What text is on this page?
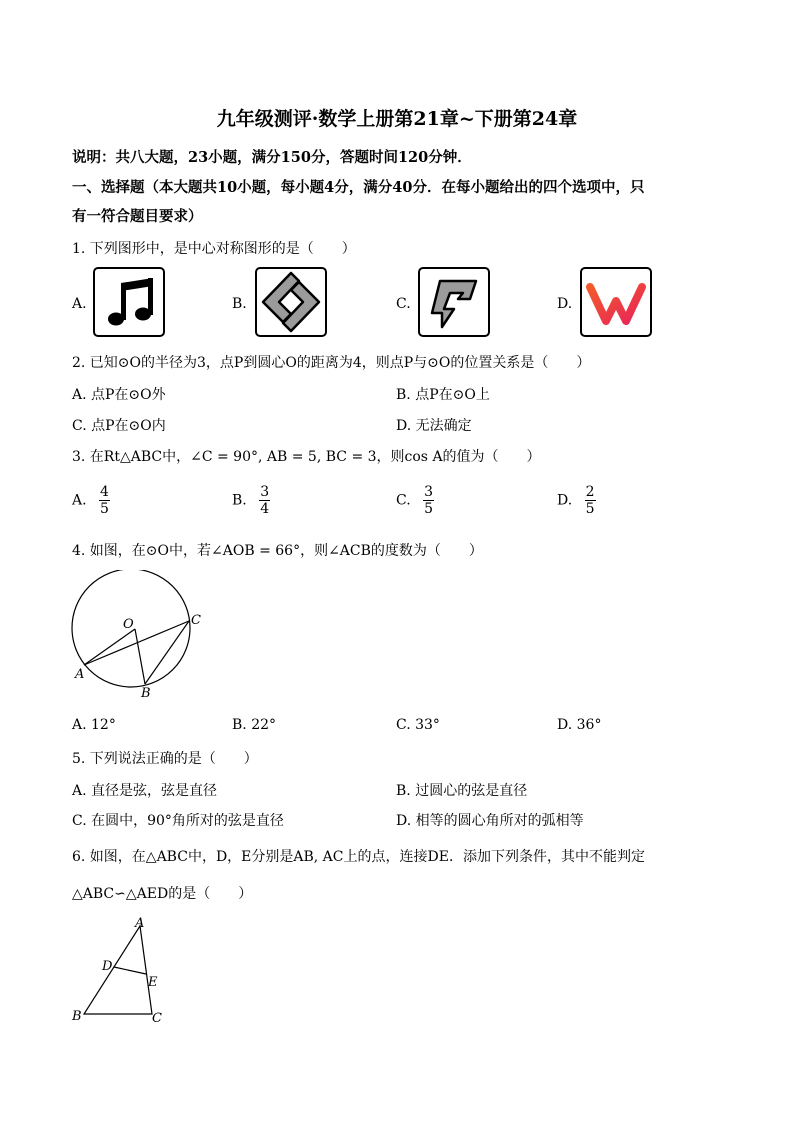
九年级测评·数学上册第21章~下册第24章
说明：共八大题，23小题，满分150分，答题时间120分钟．
一、选择题（本大题共10小题，每小题4分，满分40分．在每小题给出的四个选项中，只
有一符合题目要求）
1. 下列图形中，是中心对称图形的是（　　）
A.	B.	C.	D.
2. 已知⊙O的半径为3，点P到圆心O的距离为4，则点P与⊙O的位置关系是（　　）
A. 点P在⊙O外	B. 点P在⊙O上
C. 点P在⊙O内	D. 无法确定
3. 在Rt△ABC中，∠C = 90°, AB = 5, BC = 3，则cos A的值为（　　）
A. $\frac{4}{5}$	B. $\frac{3}{4}$	C. $\frac{3}{5}$	D. $\frac{2}{5}$
4. 如图，在⊙O中，若∠AOB = 66°，则∠ACB的度数为（　　）
O
A
B
C
A. 12°	B. 22°	C. 33°	D. 36°
5. 下列说法正确的是（　　）
A. 直径是弦，弦是直径	B. 过圆心的弦是直径
C. 在圆中，90°角所对的弦是直径	D. 相等的圆心角所对的弧相等
6. 如图，在△ABC中，D，E分别是AB, AC上的点，连接DE．添加下列条件，其中不能判定
△ABC∽△AED的是（　　）
A
D
E
B	C
